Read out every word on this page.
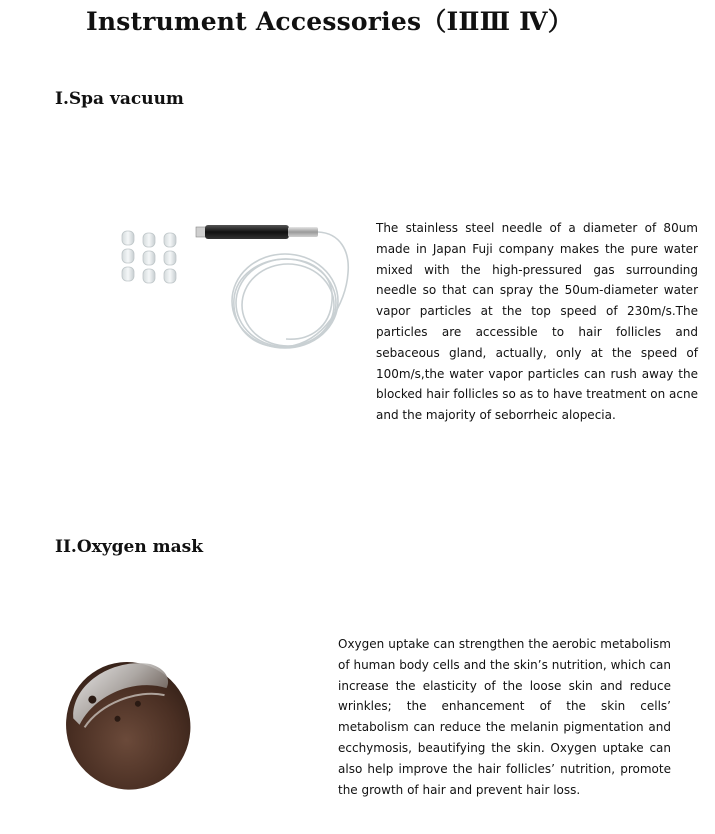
Instrument Accessories（ⅠⅡⅢ Ⅳ）
I.Spa vacuum
The stainless steel needle of a diameter of 80um made in Japan Fuji company makes the pure water mixed with the high-pressured gas surrounding needle so that can spray the 50um-diameter water vapor particles at the top speed of 230m/s.The particles are accessible to hair follicles and sebaceous gland, actually, only at the speed of 100m/s,the water vapor particles can rush away the blocked hair follicles so as to have treatment on acne and the majority of seborrheic alopecia.
II.Oxygen mask
Oxygen uptake can strengthen the aerobic metabolism of human body cells and the skin’s nutrition, which can increase the elasticity of the loose skin and reduce wrinkles; the enhancement of the skin cells’ metabolism can reduce the melanin pigmentation and ecchymosis, beautifying the skin. Oxygen uptake can also help improve the hair follicles’ nutrition, promote the growth of hair and prevent hair loss.
